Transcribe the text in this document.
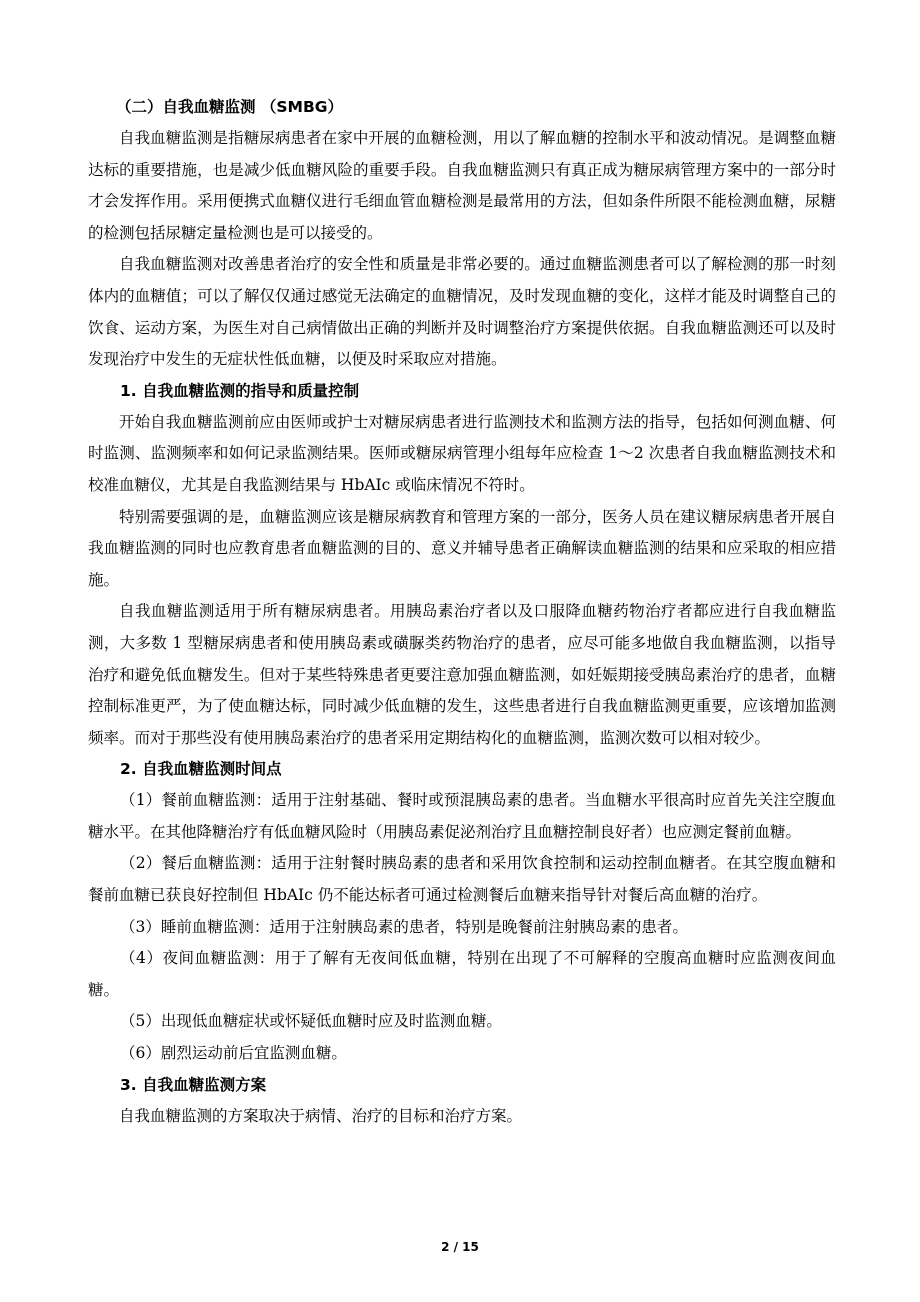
（二）自我血糖监测 （SMBG）

自我血糖监测是指糖尿病患者在家中开展的血糖检测，用以了解血糖的控制水平和波动情况。是调整血糖达标的重要措施，也是减少低血糖风险的重要手段。自我血糖监测只有真正成为糖尿病管理方案中的一部分时才会发挥作用。采用便携式血糖仪进行毛细血管血糖检测是最常用的方法，但如条件所限不能检测血糖，尿糖的检测包括尿糖定量检测也是可以接受的。

自我血糖监测对改善患者治疗的安全性和质量是非常必要的。通过血糖监测患者可以了解检测的那一时刻体内的血糖值；可以了解仅仅通过感觉无法确定的血糖情况，及时发现血糖的变化，这样才能及时调整自己的饮食、运动方案，为医生对自己病情做出正确的判断并及时调整治疗方案提供依据。自我血糖监测还可以及时发现治疗中发生的无症状性低血糖，以便及时采取应对措施。

1. 自我血糖监测的指导和质量控制

开始自我血糖监测前应由医师或护士对糖尿病患者进行监测技术和监测方法的指导，包括如何测血糖、何时监测、监测频率和如何记录监测结果。医师或糖尿病管理小组每年应检查 1～2 次患者自我血糖监测技术和校准血糖仪，尤其是自我监测结果与 HbAIc 或临床情况不符时。

特别需要强调的是，血糖监测应该是糖尿病教育和管理方案的一部分，医务人员在建议糖尿病患者开展自我血糖监测的同时也应教育患者血糖监测的目的、意义并辅导患者正确解读血糖监测的结果和应采取的相应措施。

自我血糖监测适用于所有糖尿病患者。用胰岛素治疗者以及口服降血糖药物治疗者都应进行自我血糖监测，大多数 1 型糖尿病患者和使用胰岛素或磺脲类药物治疗的患者，应尽可能多地做自我血糖监测，以指导治疗和避免低血糖发生。但对于某些特殊患者更要注意加强血糖监测，如妊娠期接受胰岛素治疗的患者，血糖控制标准更严，为了使血糖达标，同时减少低血糖的发生，这些患者进行自我血糖监测更重要，应该增加监测频率。而对于那些没有使用胰岛素治疗的患者采用定期结构化的血糖监测，监测次数可以相对较少。

2. 自我血糖监测时间点

（1）餐前血糖监测：适用于注射基础、餐时或预混胰岛素的患者。当血糖水平很高时应首先关注空腹血糖水平。在其他降糖治疗有低血糖风险时（用胰岛素促泌剂治疗且血糖控制良好者）也应测定餐前血糖。

（2）餐后血糖监测：适用于注射餐时胰岛素的患者和采用饮食控制和运动控制血糖者。在其空腹血糖和餐前血糖已获良好控制但 HbAIc 仍不能达标者可通过检测餐后血糖来指导针对餐后高血糖的治疗。

（3）睡前血糖监测：适用于注射胰岛素的患者，特别是晚餐前注射胰岛素的患者。

（4）夜间血糖监测：用于了解有无夜间低血糖，特别在出现了不可解释的空腹高血糖时应监测夜间血糖。

（5）出现低血糖症状或怀疑低血糖时应及时监测血糖。

（6）剧烈运动前后宜监测血糖。

3. 自我血糖监测方案

自我血糖监测的方案取决于病情、治疗的目标和治疗方案。

2 / 15
